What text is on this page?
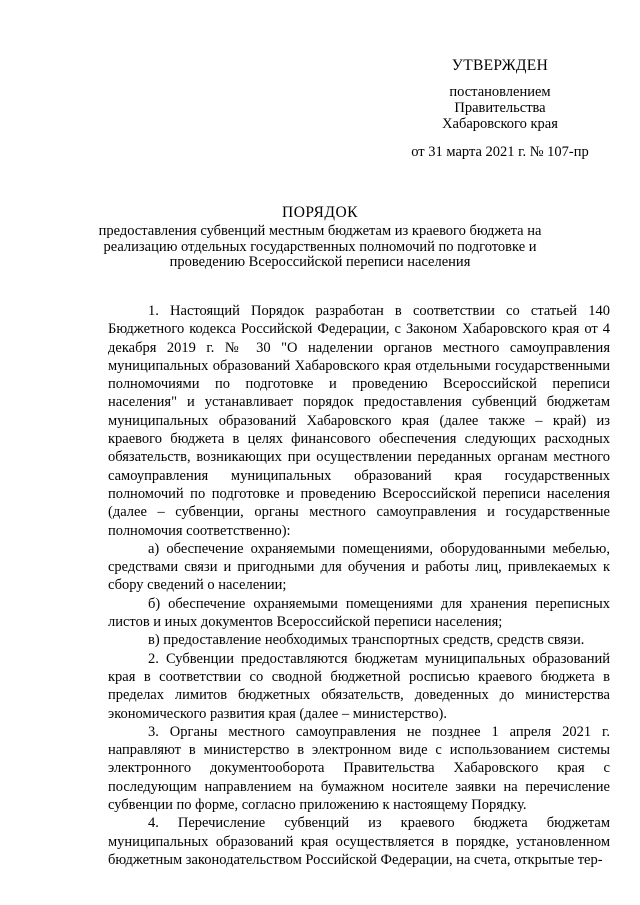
УТВЕРЖДЕН
постановлением
Правительства
Хабаровского края
от 31 марта 2021 г. № 107-пр
ПОРЯДОК
предоставления субвенций местным бюджетам из краевого бюджета на реализацию отдельных государственных полномочий по подготовке и проведению Всероссийской переписи населения

1. Настоящий Порядок разработан в соответствии со статьей 140 Бюджетного кодекса Российской Федерации, с Законом Хабаровского края от 4 декабря 2019 г. № 30 "О наделении органов местного самоуправления муниципальных образований Хабаровского края отдельными государственными полномочиями по подготовке и проведению Всероссийской переписи населения" и устанавливает порядок предоставления субвенций бюджетам муниципальных образований Хабаровского края (далее также – край) из краевого бюджета в целях финансового обеспечения следующих расходных обязательств, возникающих при осуществлении переданных органам местного самоуправления муниципальных образований края государственных полномочий по подготовке и проведению Всероссийской переписи населения (далее – субвенции, органы местного самоуправления и государственные полномочия соответственно):

а) обеспечение охраняемыми помещениями, оборудованными мебелью, средствами связи и пригодными для обучения и работы лиц, привлекаемых к сбору сведений о населении;

б) обеспечение охраняемыми помещениями для хранения переписных листов и иных документов Всероссийской переписи населения;

в) предоставление необходимых транспортных средств, средств связи.

2. Субвенции предоставляются бюджетам муниципальных образований края в соответствии со сводной бюджетной росписью краевого бюджета в пределах лимитов бюджетных обязательств, доведенных до министерства экономического развития края (далее – министерство).

3. Органы местного самоуправления не позднее 1 апреля 2021 г. направляют в министерство в электронном виде с использованием системы электронного документооборота Правительства Хабаровского края с последующим направлением на бумажном носителе заявки на перечисление субвенции по форме, согласно приложению к настоящему Порядку.

4. Перечисление субвенций из краевого бюджета бюджетам муниципальных образований края осуществляется в порядке, установленном бюджетным законодательством Российской Федерации, на счета, открытые тер-
